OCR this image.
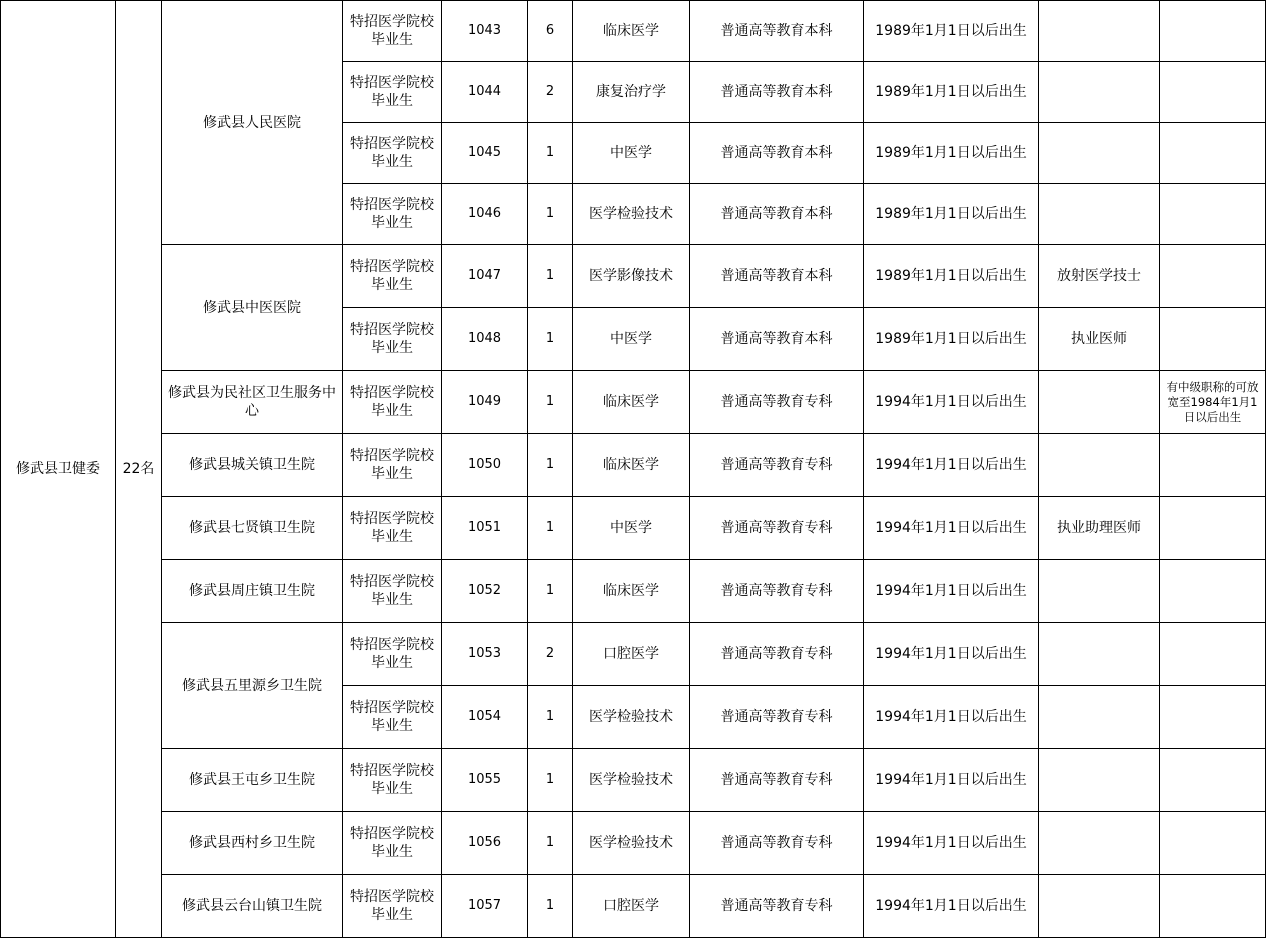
修武县卫健委	22名	修武县人民医院	特招医学院校毕业生	1043	6	临床医学	普通高等教育本科	1989年1月1日以后出生		
			特招医学院校毕业生	1044	2	康复治疗学	普通高等教育本科	1989年1月1日以后出生		
			特招医学院校毕业生	1045	1	中医学	普通高等教育本科	1989年1月1日以后出生		
			特招医学院校毕业生	1046	1	医学检验技术	普通高等教育本科	1989年1月1日以后出生		
		修武县中医医院	特招医学院校毕业生	1047	1	医学影像技术	普通高等教育本科	1989年1月1日以后出生	放射医学技士	
			特招医学院校毕业生	1048	1	中医学	普通高等教育本科	1989年1月1日以后出生	执业医师	
		修武县为民社区卫生服务中心	特招医学院校毕业生	1049	1	临床医学	普通高等教育专科	1994年1月1日以后出生		有中级职称的可放宽至1984年1月1日以后出生
		修武县城关镇卫生院	特招医学院校毕业生	1050	1	临床医学	普通高等教育专科	1994年1月1日以后出生		
		修武县七贤镇卫生院	特招医学院校毕业生	1051	1	中医学	普通高等教育专科	1994年1月1日以后出生	执业助理医师	
		修武县周庄镇卫生院	特招医学院校毕业生	1052	1	临床医学	普通高等教育专科	1994年1月1日以后出生		
		修武县五里源乡卫生院	特招医学院校毕业生	1053	2	口腔医学	普通高等教育专科	1994年1月1日以后出生		
			特招医学院校毕业生	1054	1	医学检验技术	普通高等教育专科	1994年1月1日以后出生		
		修武县王屯乡卫生院	特招医学院校毕业生	1055	1	医学检验技术	普通高等教育专科	1994年1月1日以后出生		
		修武县西村乡卫生院	特招医学院校毕业生	1056	1	医学检验技术	普通高等教育专科	1994年1月1日以后出生		
		修武县云台山镇卫生院	特招医学院校毕业生	1057	1	口腔医学	普通高等教育专科	1994年1月1日以后出生		
